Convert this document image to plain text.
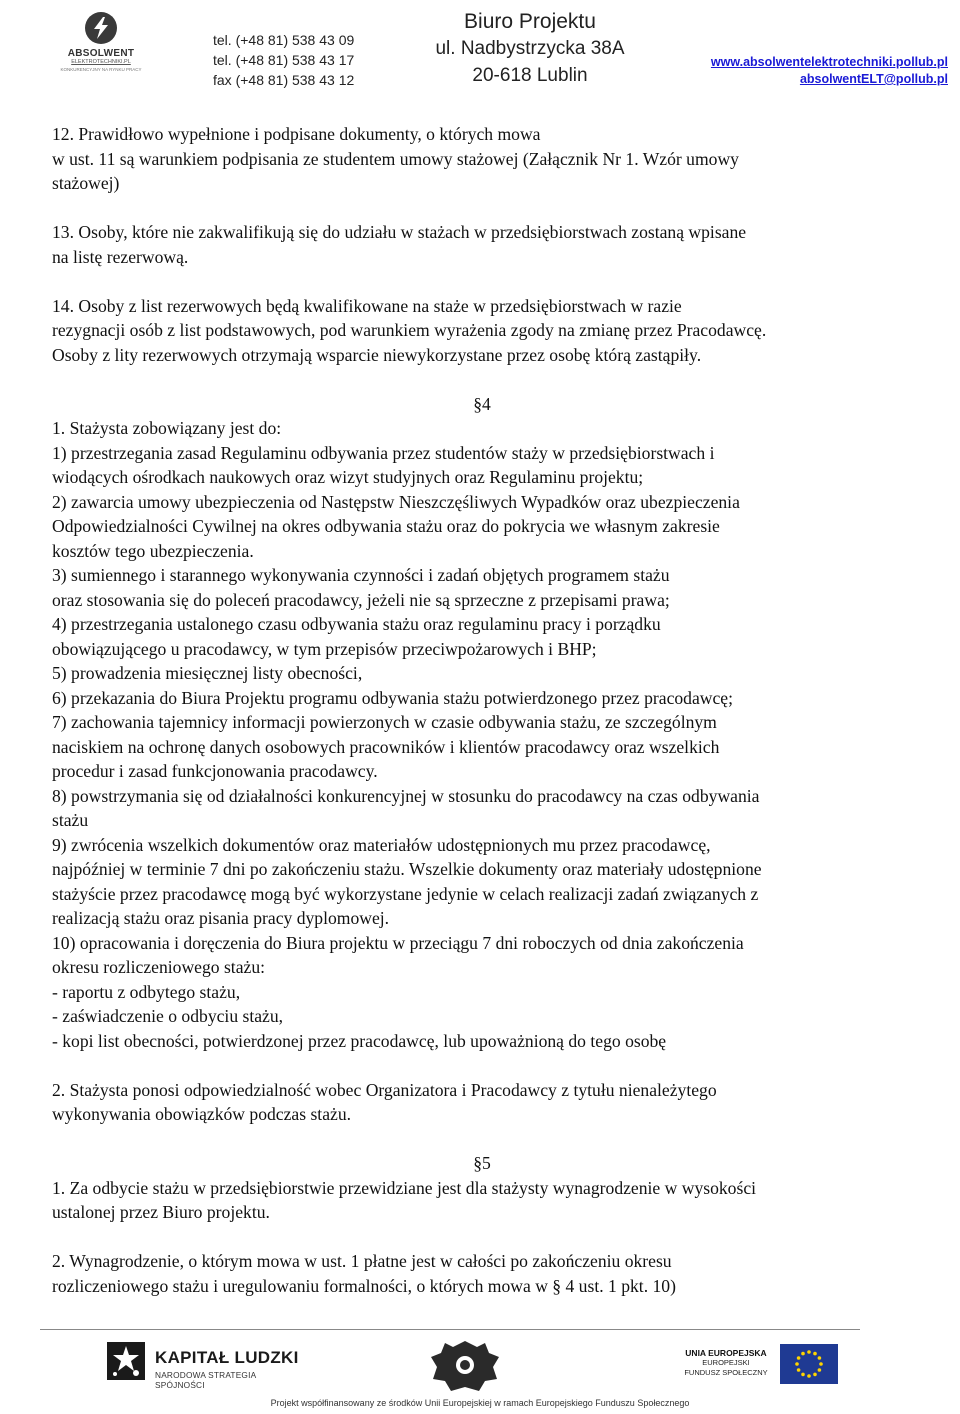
ABSOLWENT
ELEKTROTECHNIKI.PL
KONKURENCYJNY NA RYNKU PRACY
tel. (+48 81) 538 43 09
tel. (+48 81) 538 43 17
fax (+48 81) 538 43 12
Biuro Projektu
ul. Nadbystrzycka 38A
20-618 Lublin
www.absolwentelektrotechniki.pollub.pl
absolwentELT@pollub.pl

12. Prawidłowo wypełnione i podpisane dokumenty, o których mowa

w ust. 11 są warunkiem podpisania ze studentem umowy stażowej (Załącznik Nr 1. Wzór umowy

stażowej)

13. Osoby, które nie zakwalifikują się do udziału w stażach w przedsiębiorstwach zostaną wpisane

na listę rezerwową.

14. Osoby z list rezerwowych będą kwalifikowane na staże w przedsiębiorstwach w razie

rezygnacji osób z list podstawowych, pod warunkiem wyrażenia zgody na zmianę przez Pracodawcę.

Osoby z lity rezerwowych otrzymają wsparcie niewykorzystane przez osobę którą zastąpiły.

§4

1. Stażysta zobowiązany jest do:

1) przestrzegania zasad Regulaminu odbywania przez studentów staży w przedsiębiorstwach i

wiodących ośrodkach naukowych oraz wizyt studyjnych oraz Regulaminu projektu;

2) zawarcia umowy ubezpieczenia od Następstw Nieszczęśliwych Wypadków oraz ubezpieczenia

Odpowiedzialności Cywilnej na okres odbywania stażu oraz do pokrycia we własnym zakresie

kosztów tego ubezpieczenia.

3) sumiennego i starannego wykonywania czynności i zadań objętych programem stażu

oraz stosowania się do poleceń pracodawcy, jeżeli nie są sprzeczne z przepisami prawa;

4) przestrzegania ustalonego czasu odbywania stażu oraz regulaminu pracy i porządku

obowiązującego u pracodawcy, w tym przepisów przeciwpożarowych i BHP;

5) prowadzenia miesięcznej listy obecności,

6) przekazania do Biura Projektu programu odbywania stażu potwierdzonego przez pracodawcę;

7) zachowania tajemnicy informacji powierzonych w czasie odbywania stażu, ze szczególnym

naciskiem na ochronę danych osobowych pracowników i klientów pracodawcy oraz wszelkich

procedur i zasad funkcjonowania pracodawcy.

8) powstrzymania się od działalności konkurencyjnej w stosunku do pracodawcy na czas odbywania

stażu

9) zwrócenia wszelkich dokumentów oraz materiałów udostępnionych mu przez pracodawcę,

najpóźniej w terminie 7 dni po zakończeniu stażu. Wszelkie dokumenty oraz materiały udostępnione

stażyście przez pracodawcę mogą być wykorzystane jedynie w celach realizacji zadań związanych z

realizacją stażu oraz pisania pracy dyplomowej.

10) opracowania i doręczenia do Biura projektu w przeciągu 7 dni roboczych od dnia zakończenia

okresu rozliczeniowego stażu:

- raportu z odbytego stażu,

- zaświadczenie o odbyciu stażu,

- kopi list obecności, potwierdzonej przez pracodawcę, lub upoważnioną do tego osobę

2. Stażysta ponosi odpowiedzialność wobec Organizatora i Pracodawcy z tytułu nienależytego

wykonywania obowiązków podczas stażu.

§5

1. Za odbycie stażu w przedsiębiorstwie przewidziane jest dla stażysty wynagrodzenie w wysokości

ustalonej przez Biuro projektu.

2. Wynagrodzenie, o którym mowa w ust. 1 płatne jest w całości po zakończeniu okresu

rozliczeniowego stażu i uregulowaniu formalności, o których mowa w § 4 ust. 1 pkt. 10)

KAPITAŁ LUDZKI
NARODOWA STRATEGIA SPÓJNOŚCI
UNIA EUROPEJSKA
EUROPEJSKI
FUNDUSZ SPOŁECZNY
Projekt współfinansowany ze środków Unii Europejskiej w ramach Europejskiego Funduszu Społecznego
